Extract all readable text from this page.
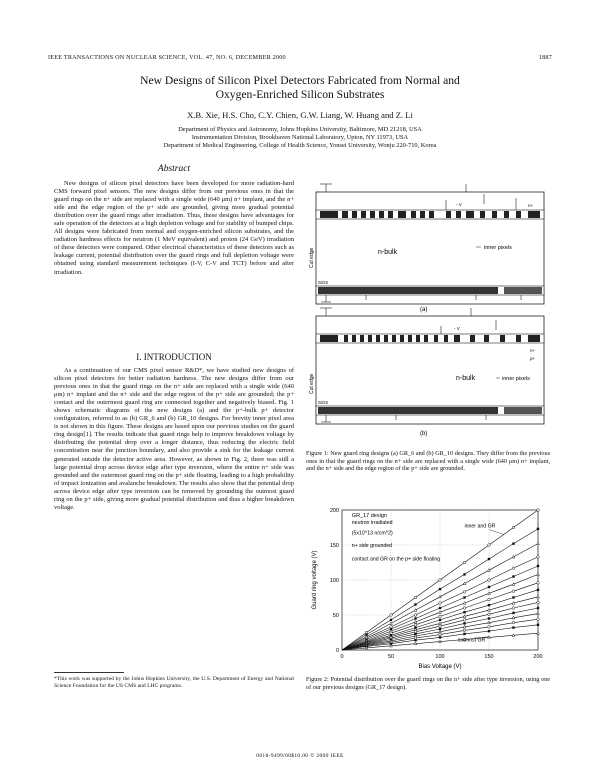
IEEE TRANSACTIONS ON NUCLEAR SCIENCE, VOL. 47, NO. 6, DECEMBER 2000	1887
New Designs of Silicon Pixel Detectors Fabricated from Normal and
Oxygen-Enriched Silicon Substrates
X.B. Xie, H.S. Cho, C.Y. Chien, G.W. Liang, W. Huang and Z. Li
Department of Physics and Astronomy, Johns Hopkins University, Baltimore, MD 21218, USA
Instrumentation Division, Brookhaven National Laboratory, Upton, NY 11973, USA
Department of Medical Engineering, College of Health Science, Yonsei University, Wonju 220-710, Korea
Abstract

New designs of silicon pixel detectors have been developed for more radiation-hard CMS forward pixel sensors. The new designs differ from our previous ones in that the guard rings on the n+ side are replaced with a single wide (640 μm) n+ implant, and the n+ side and the edge region of the p+ side are grounded, giving more gradual potential distribution over the guard rings after irradiation. Thus, these designs have advantages for safe operation of the detectors at a high depletion voltage and for stability of bumped chips. All designs were fabricated from normal and oxygen-enriched silicon substrates, and the radiation hardness effects for neutron (1 MeV equivalent) and proton (24 GeV) irradiation of these detectors were compared. Other electrical characteristics of these detectors such as leakage current, potential distribution over the guard rings and full depletion voltage were obtained using standard measurement techniques (I-V, C-V and TCT) before and after irradiation.

I. INTRODUCTION

As a continuation of our CMS pixel sensor R&D*, we have studied new designs of silicon pixel detectors for better radiation hardness. The new designs differ from our previous ones in that the guard rings on the n+ side are replaced with a single wide (640 μm) n+ implant and the n+ side and the edge region of the p+ side are grounded; the p+ contact and the outermost guard ring are connected together and negatively biased. Fig. 1 shows schematic diagrams of the new designs (a) and the p+-bulk p+ detector configuration, referred to as (b) GR_6 and (b) GR_10 designs. For brevity inner pixel area is not shown in this figure. These designs are based upon our previous studies on the guard ring design[1]. The results indicate that guard rings help to improve breakdown voltage by distributing the potential drop over a longer distance, thus reducing the electric field concentration near the junction boundary, and also provide a sink for the leakage current generated outside the detector active area. However, as shown in Fig. 2, there was still a large potential drop across device edge after type inversion, where the entire n+ side was grounded and the outermost guard ring on the p+ side floating, leading to a high probability of impact ionization and avalanche breakdown. The results also show that the potential drop across device edge after type inversion can be removed by grounding the outmost guard ring on the p+ side, giving more gradual potential distribution and thus a higher breakdown voltage.

*This work was supported by the Johns Hopkins University, the U.S. Department of Energy and National Science Foundation for the US CMS and LHC programs.
n-bulk
inner pixels
Cut edge
SiO2
- V	n+
(a)
n-bulk	inner pixels
Cut edge
SiO2
- V
n+
p+
(b)
Figure 1: New guard ring designs (a) GR_6 and (b) GR_10 designs. They differ from the previous ones in that the guard rings on the n+ side are replaced with a single wide (640 μm) n+ implant, and the n+ side and the edge region of the p+ side are grounded.
0
50
100
150
200
0	50	100	150	200
GR_17 design
neutron irradiated
(5x10^13 n/cm^2)
n+ side grounded
contact and GR on the p+ side floating
inner and GR
outmost GR
Bias Voltage (V)
Guard ring voltage (V)
Figure 2: Potential distribution over the guard rings on the n+ side after type inversion, using one of our previous designs (GR_17 design).
0018-9499/00$10.00 © 2000 IEEE
